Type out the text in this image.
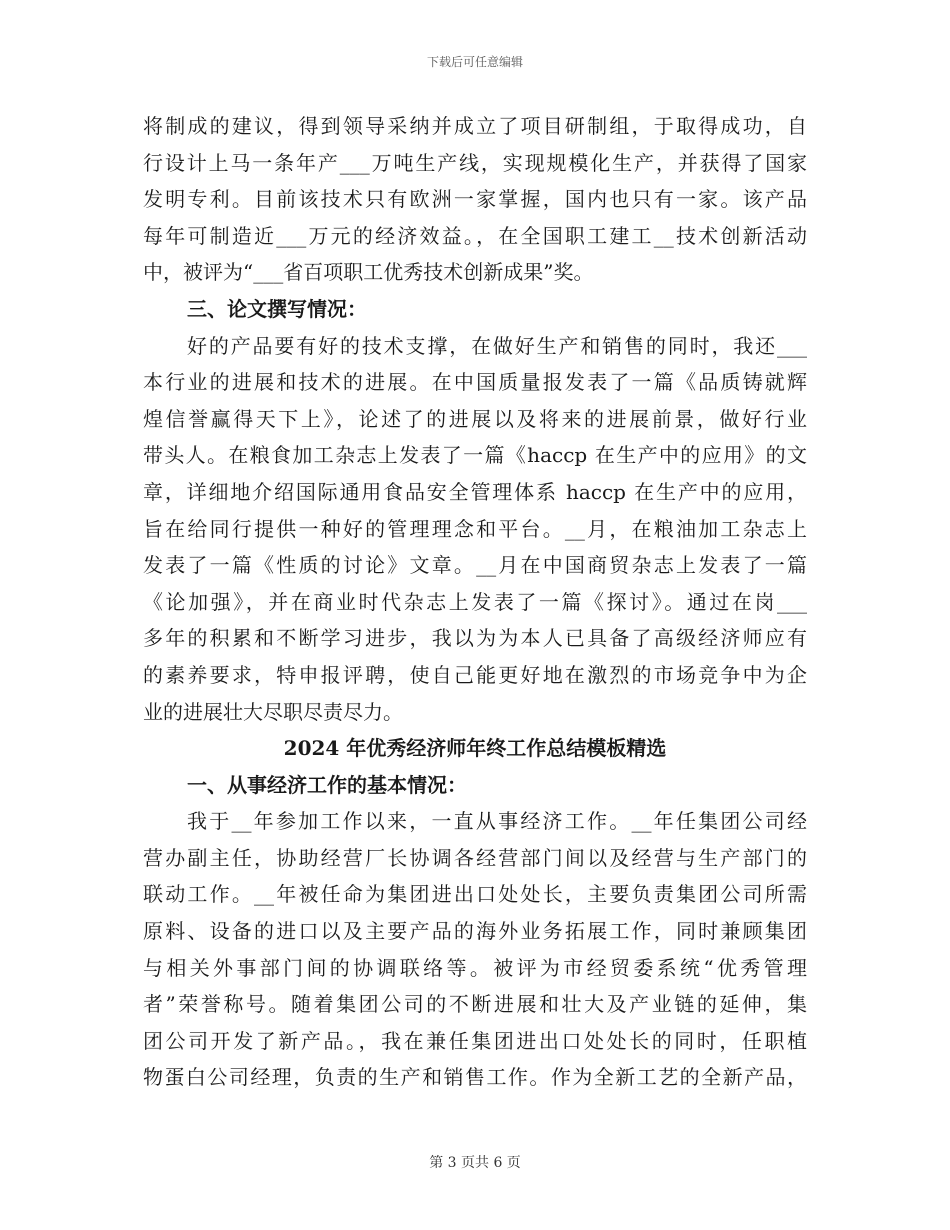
下载后可任意编辑
将制成的建议，得到领导采纳并成立了项目研制组，于取得成功，自
行设计上马一条年产___万吨生产线，实现规模化生产，并获得了国家
发明专利。目前该技术只有欧洲一家掌握，国内也只有一家。该产品
每年可制造近___万元的经济效益。，在全国职工建工__技术创新活动
中，被评为“___省百项职工优秀技术创新成果”奖。
三、论文撰写情况：
好的产品要有好的技术支撑，在做好生产和销售的同时，我还___
本行业的进展和技术的进展。在中国质量报发表了一篇《品质铸就辉
煌信誉赢得天下上》，论述了的进展以及将来的进展前景，做好行业
带头人。在粮食加工杂志上发表了一篇《haccp 在生产中的应用》的文
章，详细地介绍国际通用食品安全管理体系 haccp 在生产中的应用，
旨在给同行提供一种好的管理理念和平台。__月，在粮油加工杂志上
发表了一篇《性质的讨论》文章。__月在中国商贸杂志上发表了一篇
《论加强》，并在商业时代杂志上发表了一篇《探讨》。通过在岗___
多年的积累和不断学习进步，我以为为本人已具备了高级经济师应有
的素养要求，特申报评聘，使自己能更好地在激烈的市场竞争中为企
业的进展壮大尽职尽责尽力。
2024 年优秀经济师年终工作总结模板精选
一、从事经济工作的基本情况：
我于__年参加工作以来，一直从事经济工作。__年任集团公司经
营办副主任，协助经营厂长协调各经营部门间以及经营与生产部门的
联动工作。__年被任命为集团进出口处处长，主要负责集团公司所需
原料、设备的进口以及主要产品的海外业务拓展工作，同时兼顾集团
与相关外事部门间的协调联络等。被评为市经贸委系统“优秀管理
者”荣誉称号。随着集团公司的不断进展和壮大及产业链的延伸，集
团公司开发了新产品。，我在兼任集团进出口处处长的同时，任职植
物蛋白公司经理，负责的生产和销售工作。作为全新工艺的全新产品，
第 3 页共 6 页
